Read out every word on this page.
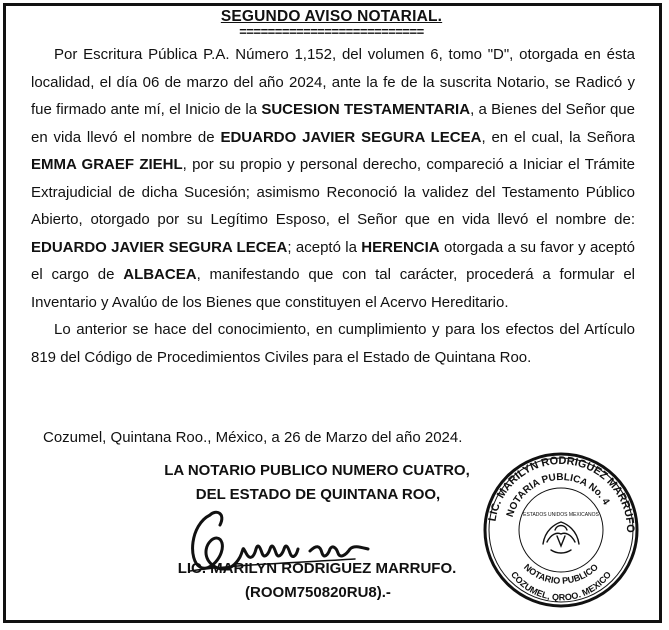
SEGUNDO AVISO NOTARIAL.
==========================

Por Escritura Pública P.A. Número 1,152, del volumen 6, tomo "D", otorgada en ésta localidad, el día 06 de marzo del año 2024, ante la fe de la suscrita Notario, se Radicó y fue firmado ante mí, el Inicio de la SUCESION TESTAMENTARIA, a Bienes del Señor que en vida llevó el nombre de EDUARDO JAVIER SEGURA LECEA, en el cual, la Señora EMMA GRAEF ZIEHL, por su propio y personal derecho, compareció a Iniciar el Trámite Extrajudicial de dicha Sucesión; asimismo Reconoció la validez del Testamento Público Abierto, otorgado por su Legítimo Esposo, el Señor que en vida llevó el nombre de: EDUARDO JAVIER SEGURA LECEA; aceptó la HERENCIA otorgada a su favor y aceptó el cargo de ALBACEA, manifestando que con tal carácter, procederá a formular el Inventario y Avalúo de los Bienes que constituyen el Acervo Hereditario.

Lo anterior se hace del conocimiento, en cumplimiento y para los efectos del Artículo 819 del Código de Procedimientos Civiles para el Estado de Quintana Roo.

Cozumel, Quintana Roo., México, a 26 de Marzo del año 2024.
LA NOTARIO PUBLICO NUMERO CUATRO,
DEL ESTADO DE QUINTANA ROO,
LIC. MARILYN RODRIGUEZ MARRUFO.
(ROOM750820RU8).-
LIC. MARILYN RODRIGUEZ MARRUFO
NOTARIA PUBLICA No. 4
ESTADOS UNIDOS MEXICANOS
NOTARIO PUBLICO
COZUMEL, QROO. MEXICO
